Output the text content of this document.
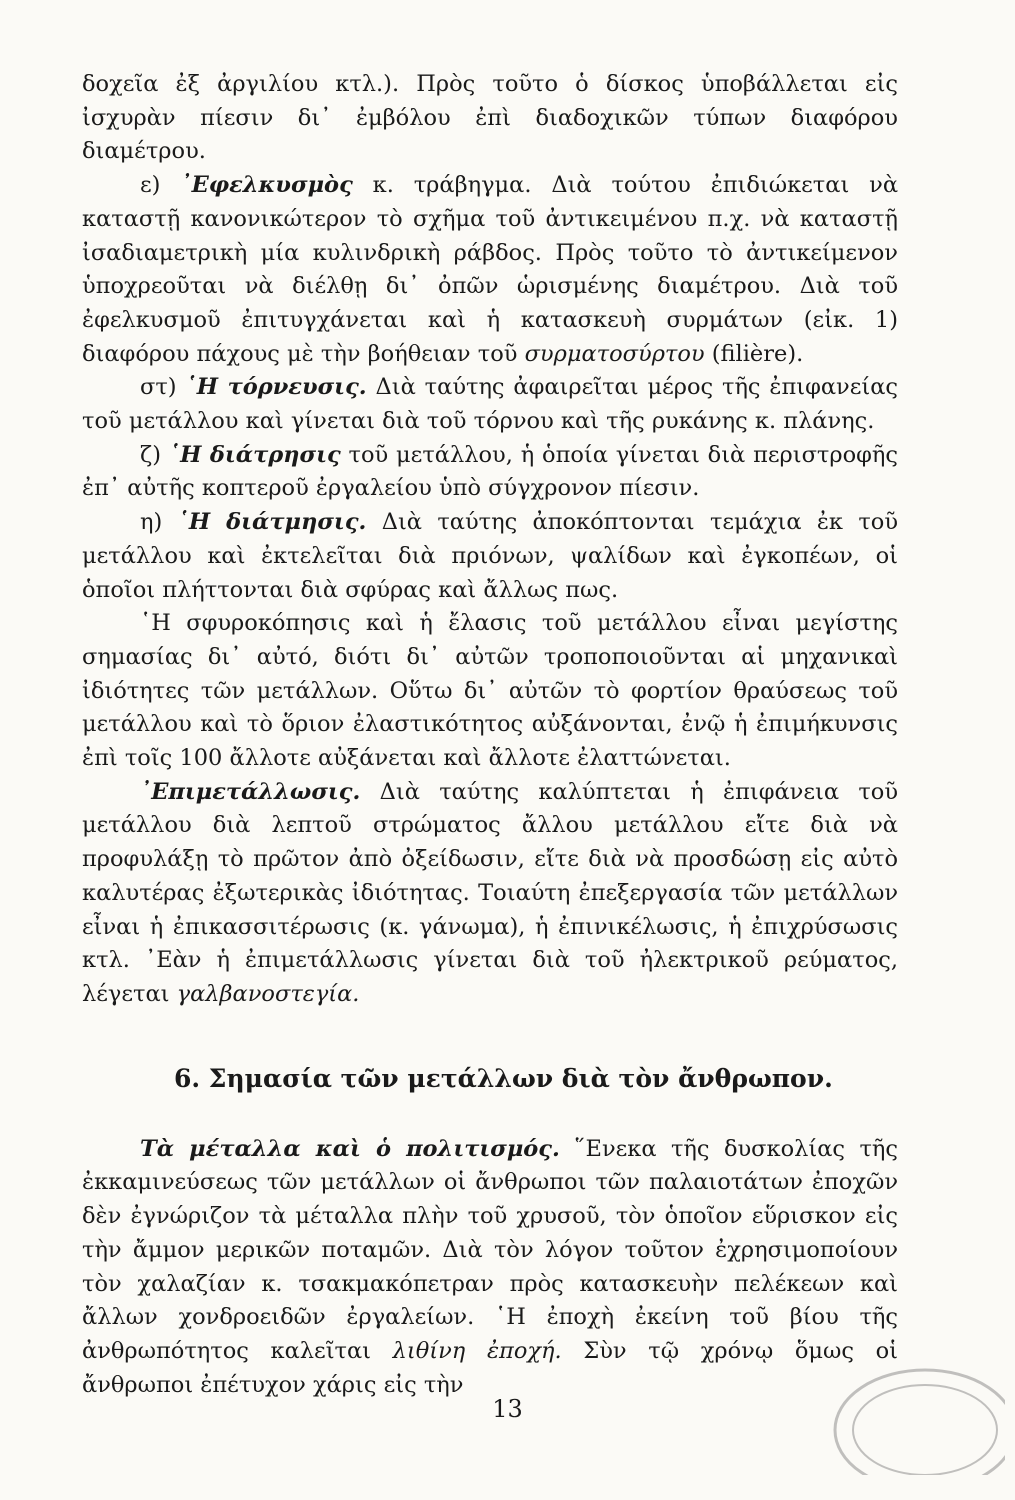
δοχεῖα ἐξ ἀργιλίου κτλ.). Πρὸς τοῦτο ὁ δίσκος ὑποβάλλεται εἰς ἰσχυρὰν πίεσιν δι᾽ ἐμβόλου ἐπὶ διαδοχικῶν τύπων διαφόρου διαμέτρου.

ε) ᾽Εφελκυσμὸς κ. τράβηγμα. Διὰ τούτου ἐπιδιώκεται νὰ καταστῇ κανονικώτερον τὸ σχῆμα τοῦ ἀντικειμένου π.χ. νὰ καταστῇ ἰσαδιαμετρικὴ μία κυλινδρικὴ ράβδος. Πρὸς τοῦτο τὸ ἀντικείμενον ὑποχρεοῦται νὰ διέλθῃ δι᾽ ὀπῶν ὡρισμένης διαμέτρου. Διὰ τοῦ ἐφελκυσμοῦ ἐπιτυγχάνεται καὶ ἡ κατασκευὴ συρμάτων (εἰκ. 1) διαφόρου πάχους μὲ τὴν βοήθειαν τοῦ συρματοσύρτου (filière).

στ) ῾Η τόρνευσις. Διὰ ταύτης ἀφαιρεῖται μέρος τῆς ἐπιφανείας τοῦ μετάλλου καὶ γίνεται διὰ τοῦ τόρνου καὶ τῆς ρυκάνης κ. πλάνης.

ζ) ῾Η διάτρησις τοῦ μετάλλου, ἡ ὁποία γίνεται διὰ περιστροφῆς ἐπ᾽ αὐτῆς κοπτεροῦ ἐργαλείου ὑπὸ σύγχρονον πίεσιν.

η) ῾Η διάτμησις. Διὰ ταύτης ἀποκόπτονται τεμάχια ἐκ τοῦ μετάλλου καὶ ἐκτελεῖται διὰ πριόνων, ψαλίδων καὶ ἐγκοπέων, οἱ ὁποῖοι πλήττονται διὰ σφύρας καὶ ἄλλως πως.

῾Η σφυροκόπησις καὶ ἡ ἔλασις τοῦ μετάλλου εἶναι μεγίστης σημασίας δι᾽ αὐτό, διότι δι᾽ αὐτῶν τροποποιοῦνται αἱ μηχανικαὶ ἰδιότητες τῶν μετάλλων. Οὕτω δι᾽ αὐτῶν τὸ φορτίον θραύσεως τοῦ μετάλλου καὶ τὸ ὅριον ἐλαστικότητος αὐξάνονται, ἐνῷ ἡ ἐπιμήκυνσις ἐπὶ τοῖς 100 ἄλλοτε αὐξάνεται καὶ ἄλλοτε ἐλαττώνεται.

᾽Επιμετάλλωσις. Διὰ ταύτης καλύπτεται ἡ ἐπιφάνεια τοῦ μετάλλου διὰ λεπτοῦ στρώματος ἄλλου μετάλλου εἴτε διὰ νὰ προφυλάξῃ τὸ πρῶτον ἀπὸ ὀξείδωσιν, εἴτε διὰ νὰ προσδώσῃ εἰς αὐτὸ καλυτέρας ἐξωτερικὰς ἰδιότητας. Τοιαύτη ἐπεξεργασία τῶν μετάλλων εἶναι ἡ ἐπικασσιτέρωσις (κ. γάνωμα), ἡ ἐπινικέλωσις, ἡ ἐπιχρύσωσις κτλ. ᾽Εὰν ἡ ἐπιμετάλλωσις γίνεται διὰ τοῦ ἠλεκτρικοῦ ρεύματος, λέγεται γαλβανοστεγία.

6. Σημασία τῶν μετάλλων διὰ τὸν ἄνθρωπον.

Τὰ μέταλλα καὶ ὁ πολιτισμός. ῞Ενεκα τῆς δυσκολίας τῆς ἐκκαμινεύσεως τῶν μετάλλων οἱ ἄνθρωποι τῶν παλαιοτάτων ἐποχῶν δὲν ἐγνώριζον τὰ μέταλλα πλὴν τοῦ χρυσοῦ, τὸν ὁποῖον εὕρισκον εἰς τὴν ἄμμον μερικῶν ποταμῶν. Διὰ τὸν λόγον τοῦτον ἐχρησιμοποίουν τὸν χαλαζίαν κ. τσακμακόπετραν πρὸς κατασκευὴν πελέκεων καὶ ἄλλων χονδροειδῶν ἐργαλείων. ῾Η ἐποχὴ ἐκείνη τοῦ βίου τῆς ἀνθρωπότητος καλεῖται λιθίνη ἐποχή. Σὺν τῷ χρόνῳ ὅμως οἱ ἄνθρωποι ἐπέτυχον χάρις εἰς τὴν

13
